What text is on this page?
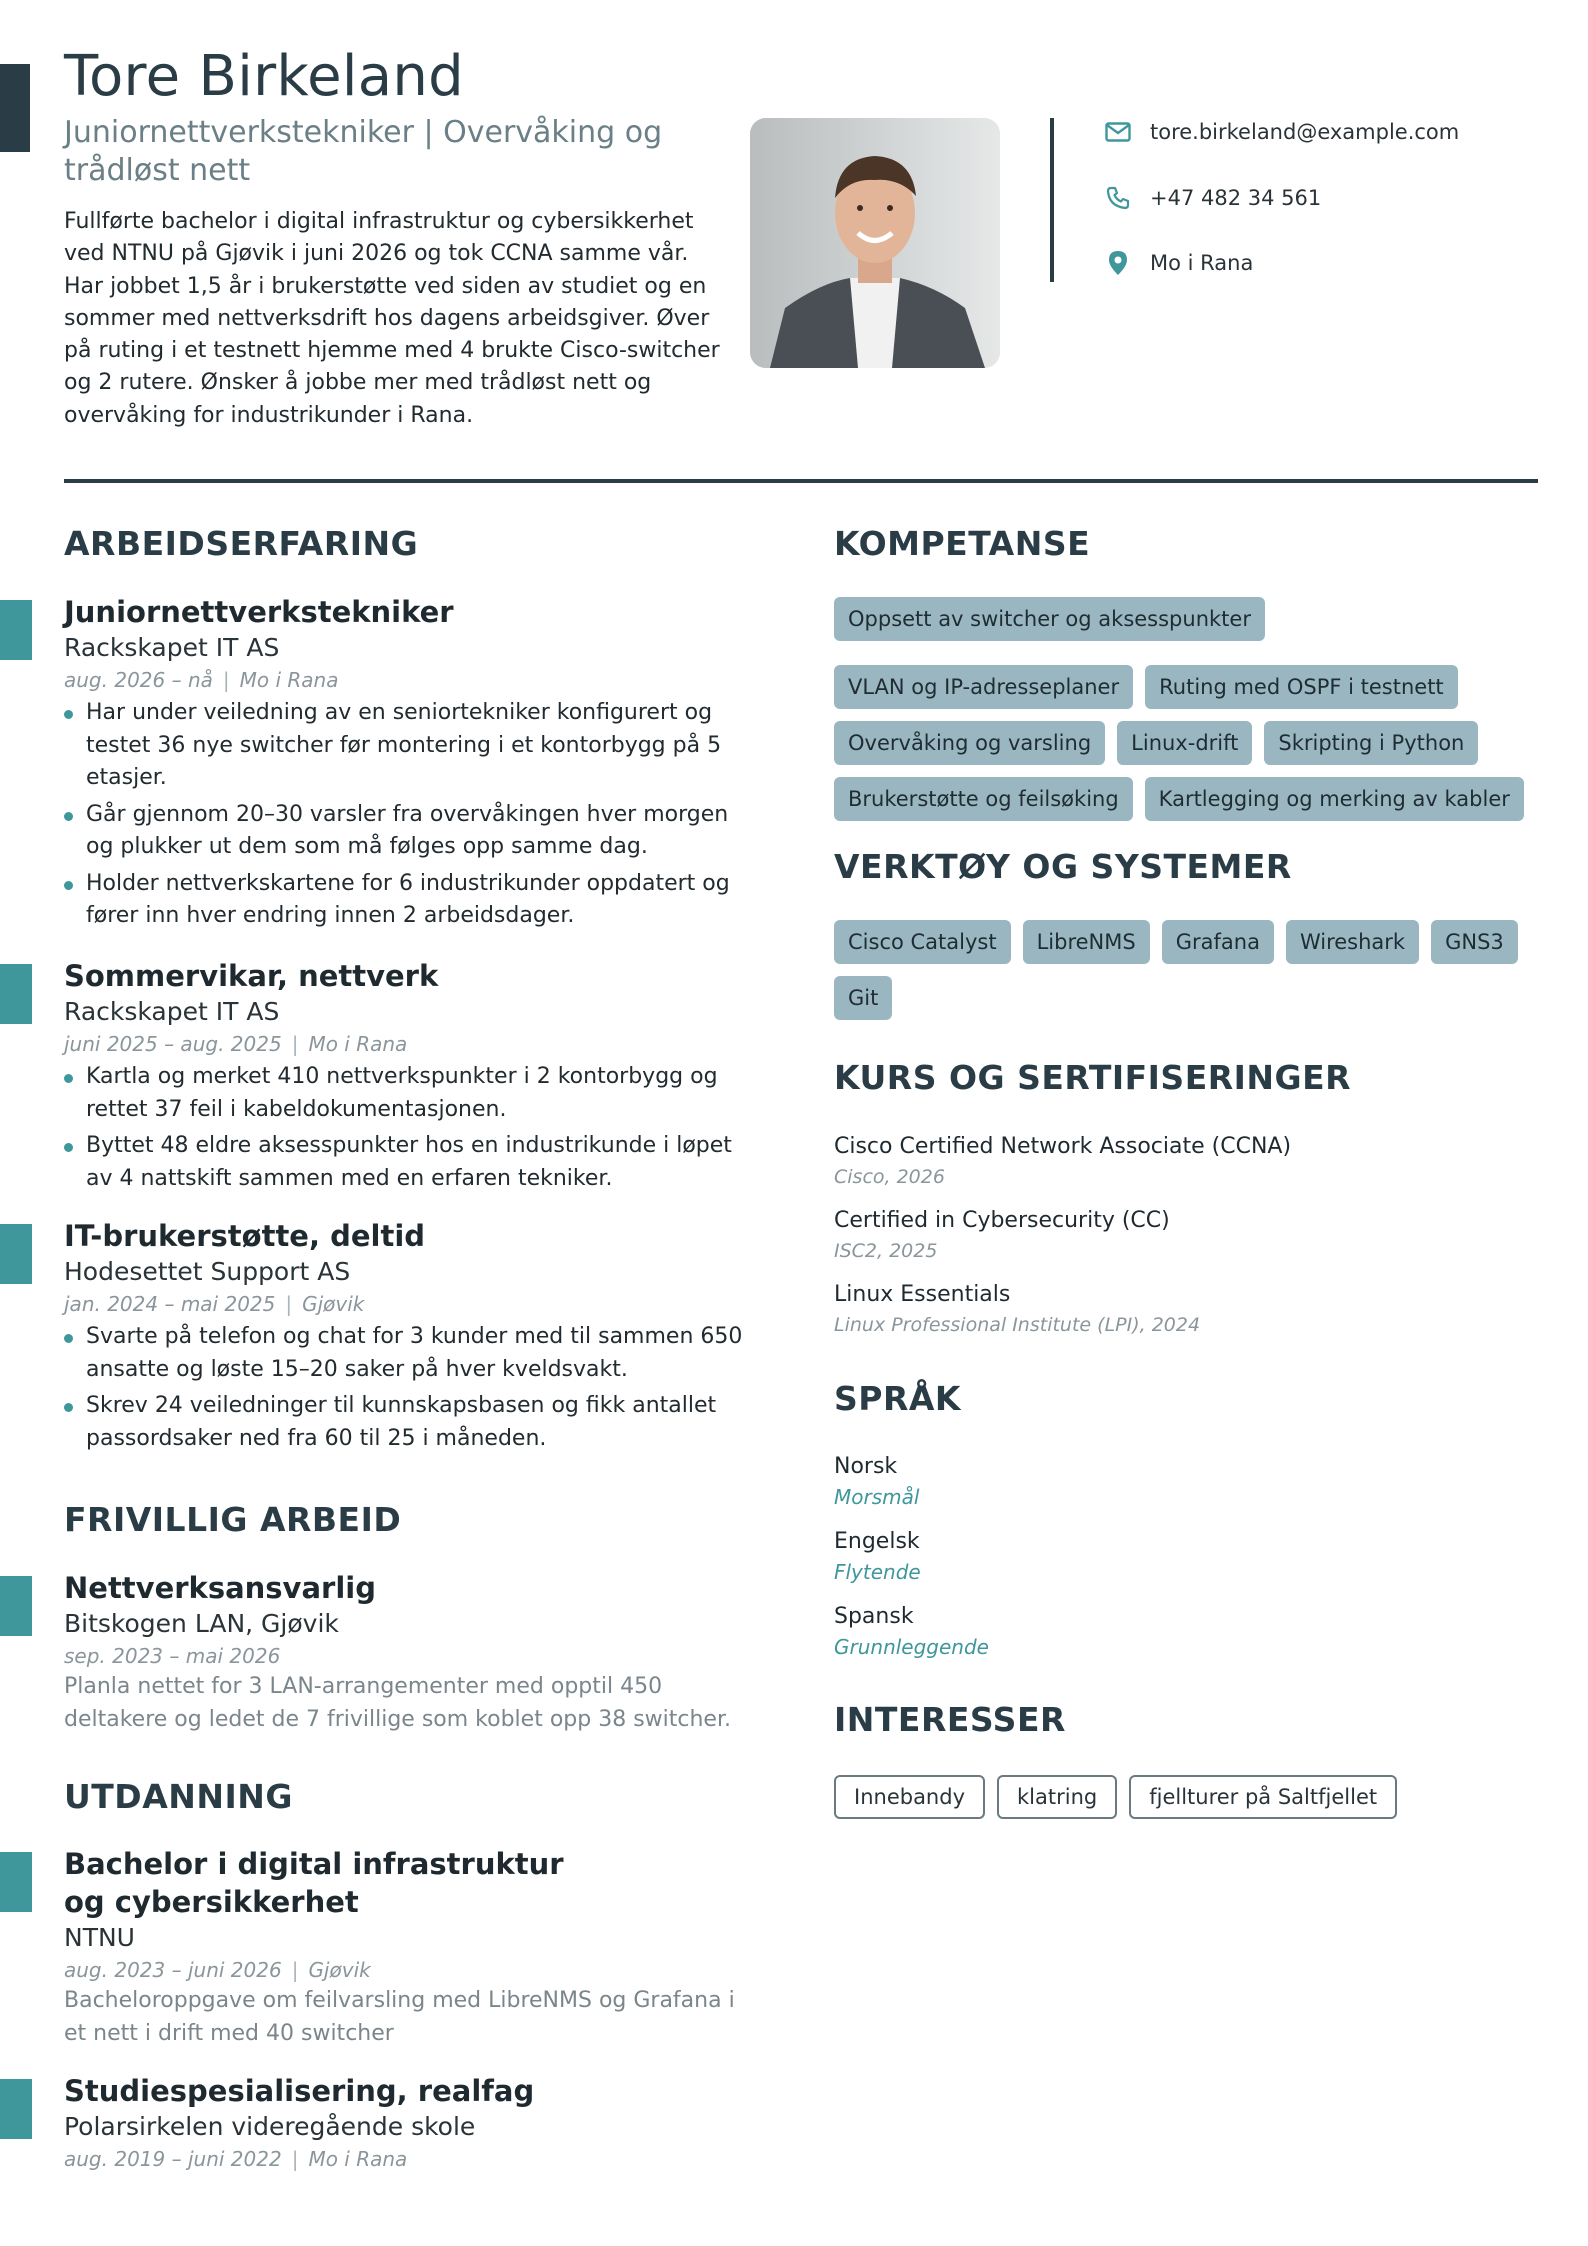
Tore Birkeland
Juniornettverkstekniker | Overvåking og trådløst nett
Fullførte bachelor i digital infrastruktur og cybersikkerhet ved NTNU på Gjøvik i juni 2026 og tok CCNA samme vår. Har jobbet 1,5 år i brukerstøtte ved siden av studiet og en sommer med nettverksdrift hos dagens arbeidsgiver. Øver på ruting i et testnett hjemme med 4 brukte Cisco-switcher og 2 rutere. Ønsker å jobbe mer med trådløst nett og overvåking for industrikunder i Rana.
tore.birkeland@example.com
+47 482 34 561
Mo i Rana
ARBEIDSERFARING
Juniornettverkstekniker
Rackskapet IT AS
aug. 2026 – nå | Mo i Rana
Har under veiledning av en seniortekniker konfigurert og testet 36 nye switcher før montering i et kontorbygg på 5 etasjer.
Går gjennom 20–30 varsler fra overvåkingen hver morgen og plukker ut dem som må følges opp samme dag.
Holder nettverkskartene for 6 industrikunder oppdatert og fører inn hver endring innen 2 arbeidsdager.
Sommervikar, nettverk
Rackskapet IT AS
juni 2025 – aug. 2025 | Mo i Rana
Kartla og merket 410 nettverkspunkter i 2 kontorbygg og rettet 37 feil i kabeldokumentasjonen.
Byttet 48 eldre aksesspunkter hos en industrikunde i løpet av 4 nattskift sammen med en erfaren tekniker.
IT-brukerstøtte, deltid
Hodesettet Support AS
jan. 2024 – mai 2025 | Gjøvik
Svarte på telefon og chat for 3 kunder med til sammen 650 ansatte og løste 15–20 saker på hver kveldsvakt.
Skrev 24 veiledninger til kunnskapsbasen og fikk antallet passordsaker ned fra 60 til 25 i måneden.
FRIVILLIG ARBEID
Nettverksansvarlig
Bitskogen LAN, Gjøvik
sep. 2023 – mai 2026
Planla nettet for 3 LAN-arrangementer med opptil 450 deltakere og ledet de 7 frivillige som koblet opp 38 switcher.
UTDANNING
Bachelor i digital infrastruktur og cybersikkerhet
NTNU
aug. 2023 – juni 2026 | Gjøvik
Bacheloroppgave om feilvarsling med LibreNMS og Grafana i et nett i drift med 40 switcher
Studiespesialisering, realfag
Polarsirkelen videregående skole
aug. 2019 – juni 2022 | Mo i Rana
KOMPETANSE
Oppsett av switcher og aksesspunkter
VLAN og IP-adresseplaner	Ruting med OSPF i testnett
Overvåking og varsling	Linux-drift	Skripting i Python
Brukerstøtte og feilsøking	Kartlegging og merking av kabler
VERKTØY OG SYSTEMER
Cisco Catalyst	LibreNMS	Grafana	Wireshark	GNS3
Git
KURS OG SERTIFISERINGER
Cisco Certified Network Associate (CCNA)
Cisco, 2026
Certified in Cybersecurity (CC)
ISC2, 2025
Linux Essentials
Linux Professional Institute (LPI), 2024
SPRÅK
Norsk
Morsmål
Engelsk
Flytende
Spansk
Grunnleggende
INTERESSER
Innebandy	klatring	fjellturer på Saltfjellet
